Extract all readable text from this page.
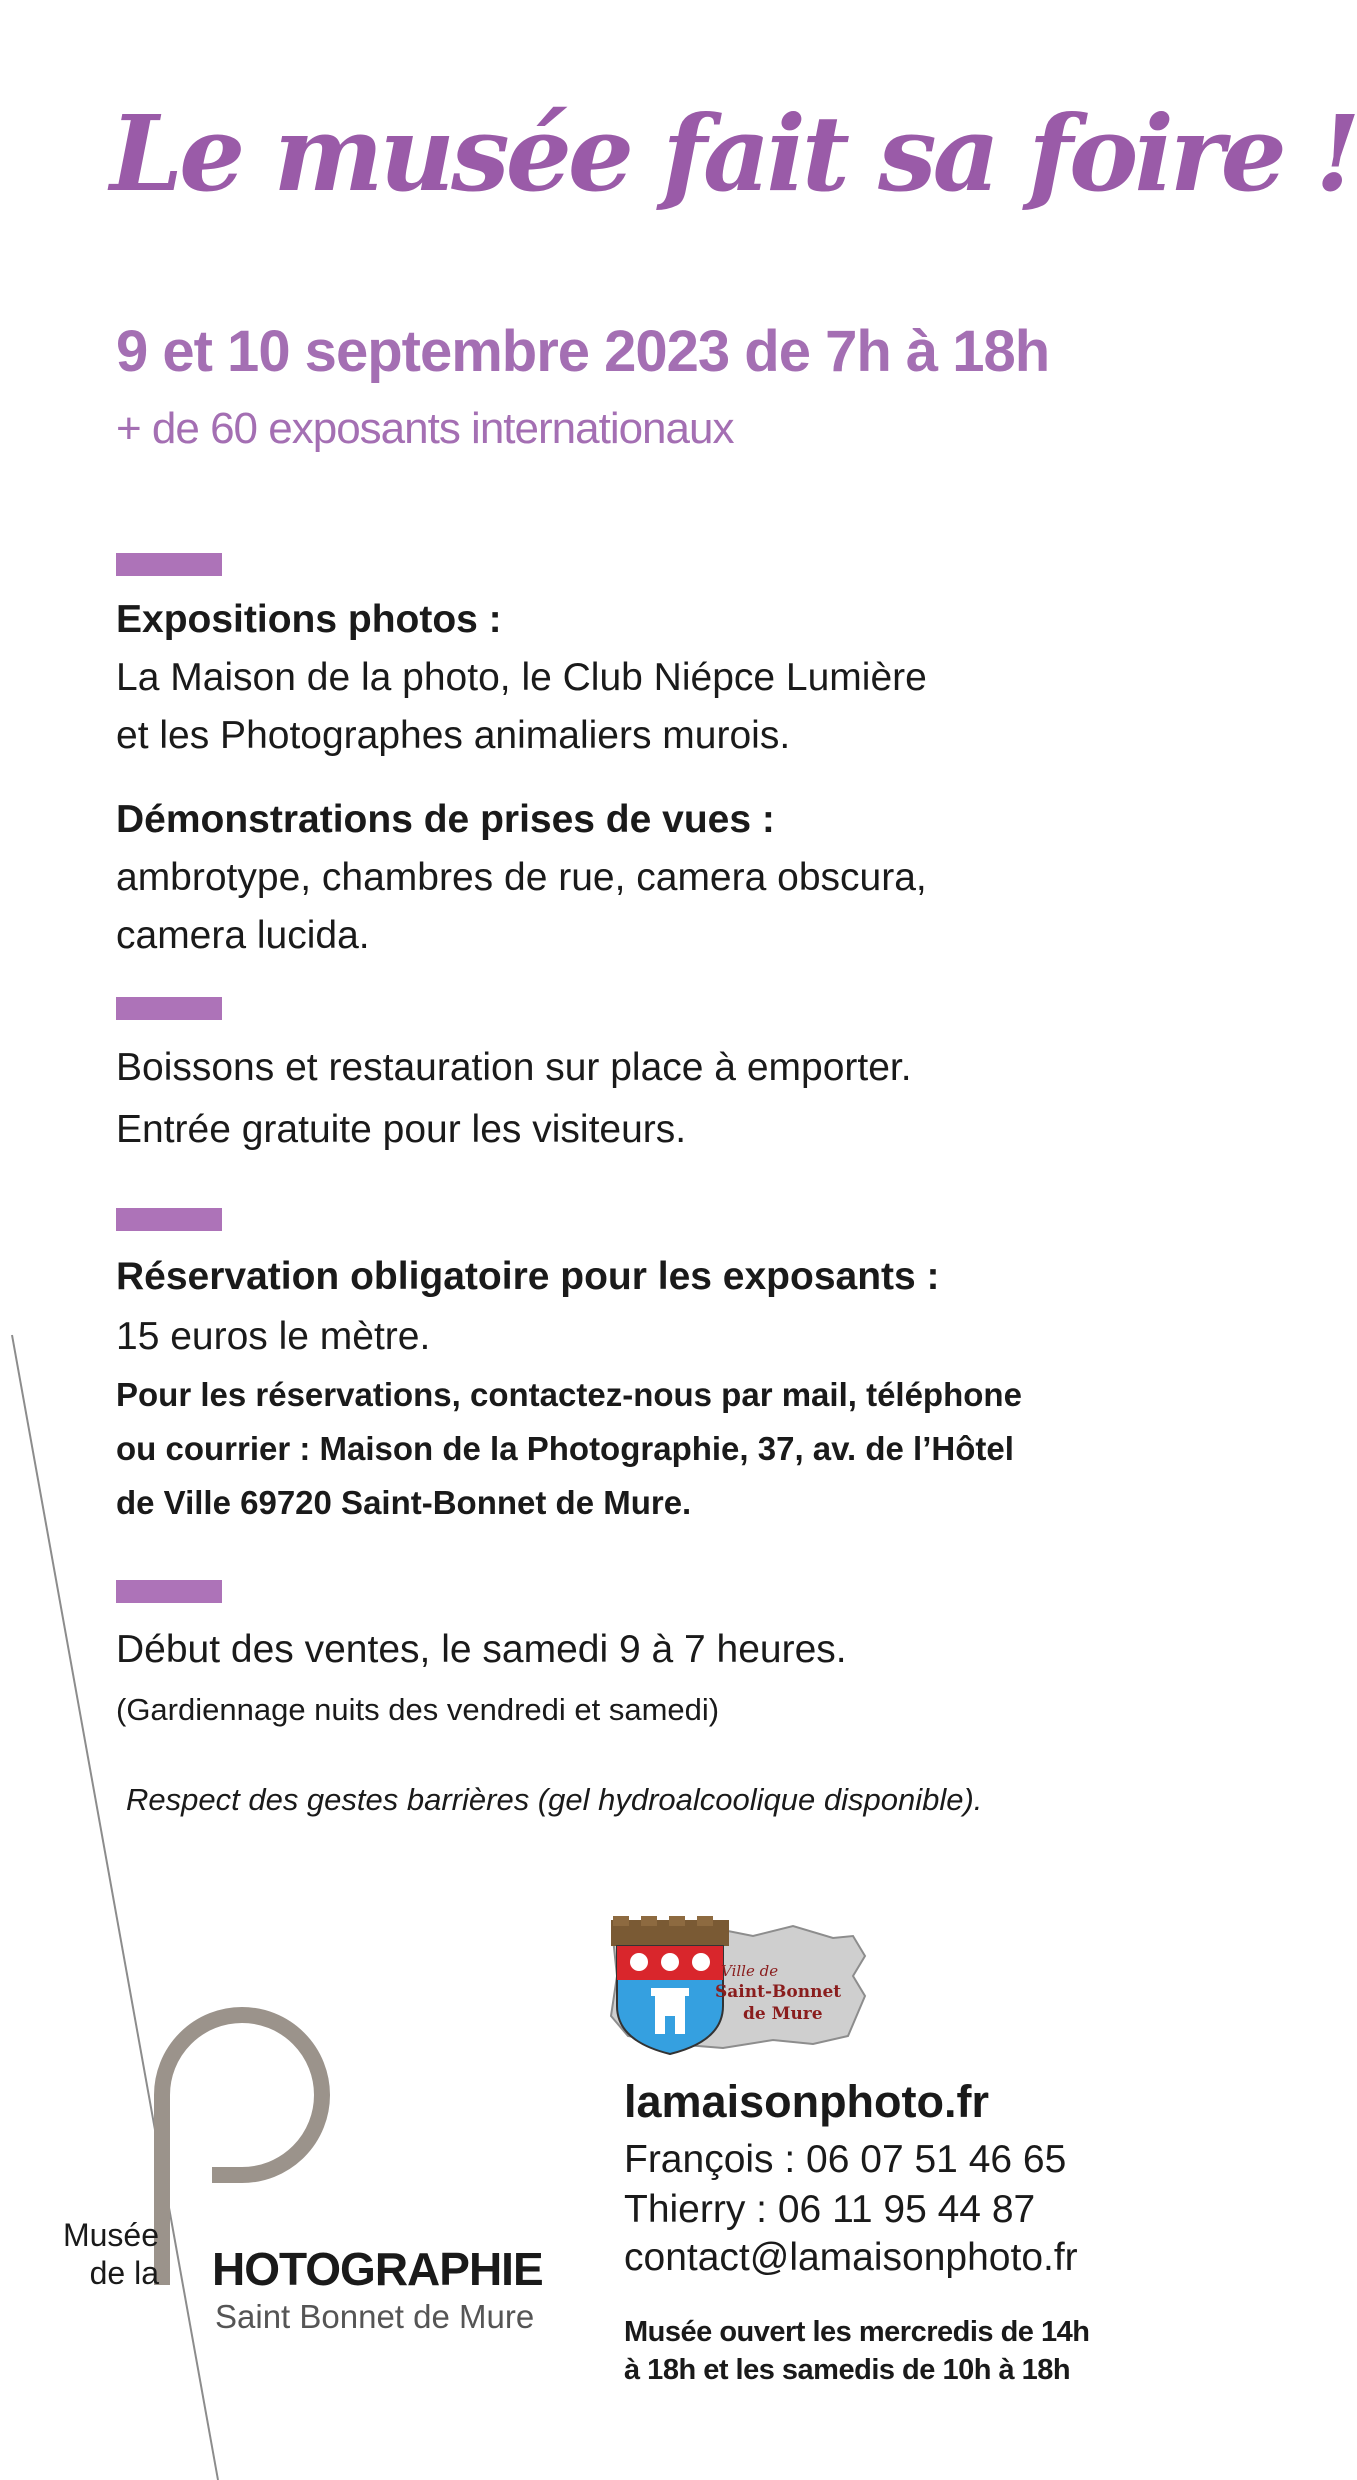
Le musée fait sa foire !
9 et 10 septembre 2023 de 7h à 18h
+ de 60 exposants internationaux
Expositions photos :
La Maison de la photo, le Club Niépce Lumière
et les Photographes animaliers murois.
Démonstrations de prises de vues :
ambrotype, chambres de rue, camera obscura,
camera lucida.
Boissons et restauration sur place à emporter.
Entrée gratuite pour les visiteurs.
Réservation obligatoire pour les exposants :
15 euros le mètre.
Pour les réservations, contactez-nous par mail, téléphone
ou courrier : Maison de la Photographie, 37, av. de l’Hôtel
de Ville 69720 Saint-Bonnet de Mure.
Début des ventes, le samedi 9 à 7 heures.
(Gardiennage nuits des vendredi et samedi)
Respect des gestes barrières (gel hydroalcoolique disponible).
Ville de
Saint-Bonnet
de Mure
lamaisonphoto.fr
François : 06 07 51 46 65
Thierry : 06 11 95 44 87
contact@lamaisonphoto.fr
Musée ouvert les mercredis de 14h
à 18h et les samedis de 10h à 18h
Musée
de la HOTOGRAPHIE
Saint Bonnet de Mure
